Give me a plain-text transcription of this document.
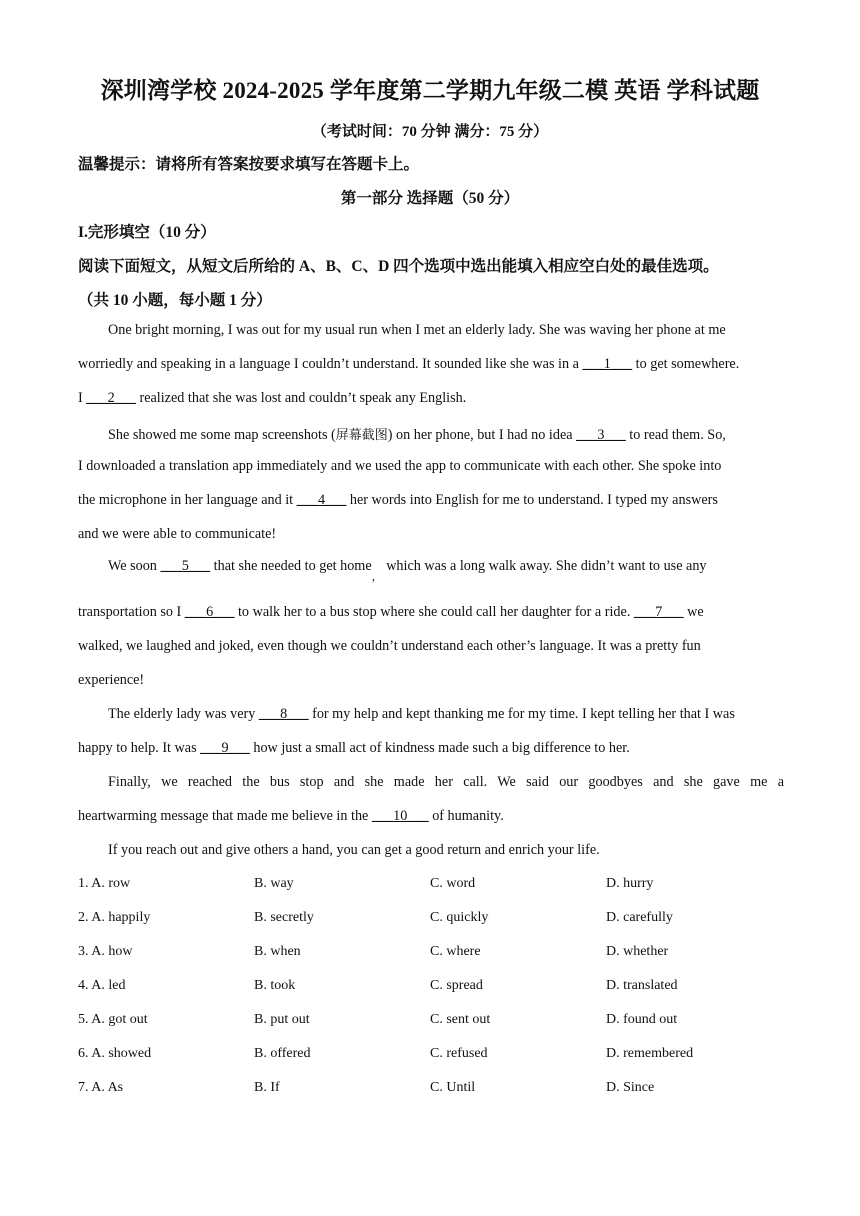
深圳湾学校 2024-2025 学年度第二学期九年级二模 英语 学科试题
（考试时间：70 分钟 满分：75 分）
温馨提示：请将所有答案按要求填写在答题卡上。
第一部分 选择题（50 分）
I.完形填空（10 分）
阅读下面短文，从短文后所给的 A、B、C、D 四个选项中选出能填入相应空白处的最佳选项。
（共 10 小题，每小题 1 分）
One bright morning, I was out for my usual run when I met an elderly lady. She was waving her phone at me
worriedly and speaking in a language I couldn’t understand. It sounded like she was in a ___1___ to get somewhere.
I ___2___ realized that she was lost and couldn’t speak any English.
She showed me some map screenshots (屏幕截图) on her phone, but I had no idea ___3___ to read them. So,
I downloaded a translation app immediately and we used the app to communicate with each other. She spoke into
the microphone in her language and it ___4___ her words into English for me to understand. I typed my answers
and we were able to communicate!
We soon ___5___ that she needed to get home$_,$ which was a long walk away. She didn’t want to use any
transportation so I ___6___ to walk her to a bus stop where she could call her daughter for a ride. ___7___ we
walked, we laughed and joked, even though we couldn’t understand each other’s language. It was a pretty fun
experience!
The elderly lady was very ___8___ for my help and kept thanking me for my time. I kept telling her that I was
happy to help. It was ___9___ how just a small act of kindness made such a big difference to her.
Finally, we reached the bus stop and she made her call. We said our goodbyes and she gave me a
heartwarming message that made me believe in the ___10___ of humanity.
If you reach out and give others a hand, you can get a good return and enrich your life.
1. A. row	B. way	C. word	D. hurry
2. A. happily	B. secretly	C. quickly	D. carefully
3. A. how	B. when	C. where	D. whether
4. A. led	B. took	C. spread	D. translated
5. A. got out	B. put out	C. sent out	D. found out
6. A. showed	B. offered	C. refused	D. remembered
7. A. As	B. If	C. Until	D. Since
